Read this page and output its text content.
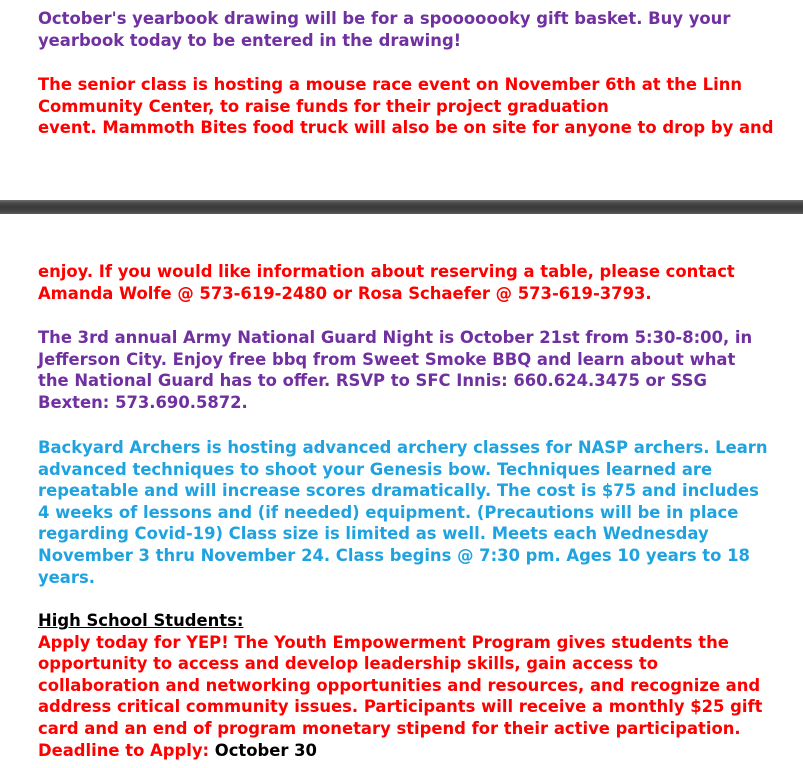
October's yearbook drawing will be for a spooooooky gift basket. Buy your
yearbook today to be entered in the drawing!
The senior class is hosting a mouse race event on November 6th at the Linn
Community Center, to raise funds for their project graduation
event. Mammoth Bites food truck will also be on site for anyone to drop by and
enjoy. If you would like information about reserving a table, please contact
Amanda Wolfe @ 573-619-2480 or Rosa Schaefer @ 573-619-3793.
The 3rd annual Army National Guard Night is October 21st from 5:30-8:00, in
Jefferson City. Enjoy free bbq from Sweet Smoke BBQ and learn about what
the National Guard has to offer. RSVP to SFC Innis: 660.624.3475 or SSG
Bexten: 573.690.5872.
Backyard Archers is hosting advanced archery classes for NASP archers. Learn
advanced techniques to shoot your Genesis bow. Techniques learned are
repeatable and will increase scores dramatically. The cost is $75 and includes
4 weeks of lessons and (if needed) equipment. (Precautions will be in place
regarding Covid-19) Class size is limited as well. Meets each Wednesday
November 3 thru November 24. Class begins @ 7:30 pm. Ages 10 years to 18
years.
High School Students:
Apply today for YEP! The Youth Empowerment Program gives students the
opportunity to access and develop leadership skills, gain access to
collaboration and networking opportunities and resources, and recognize and
address critical community issues. Participants will receive a monthly $25 gift
card and an end of program monetary stipend for their active participation.
Deadline to Apply: October 30
